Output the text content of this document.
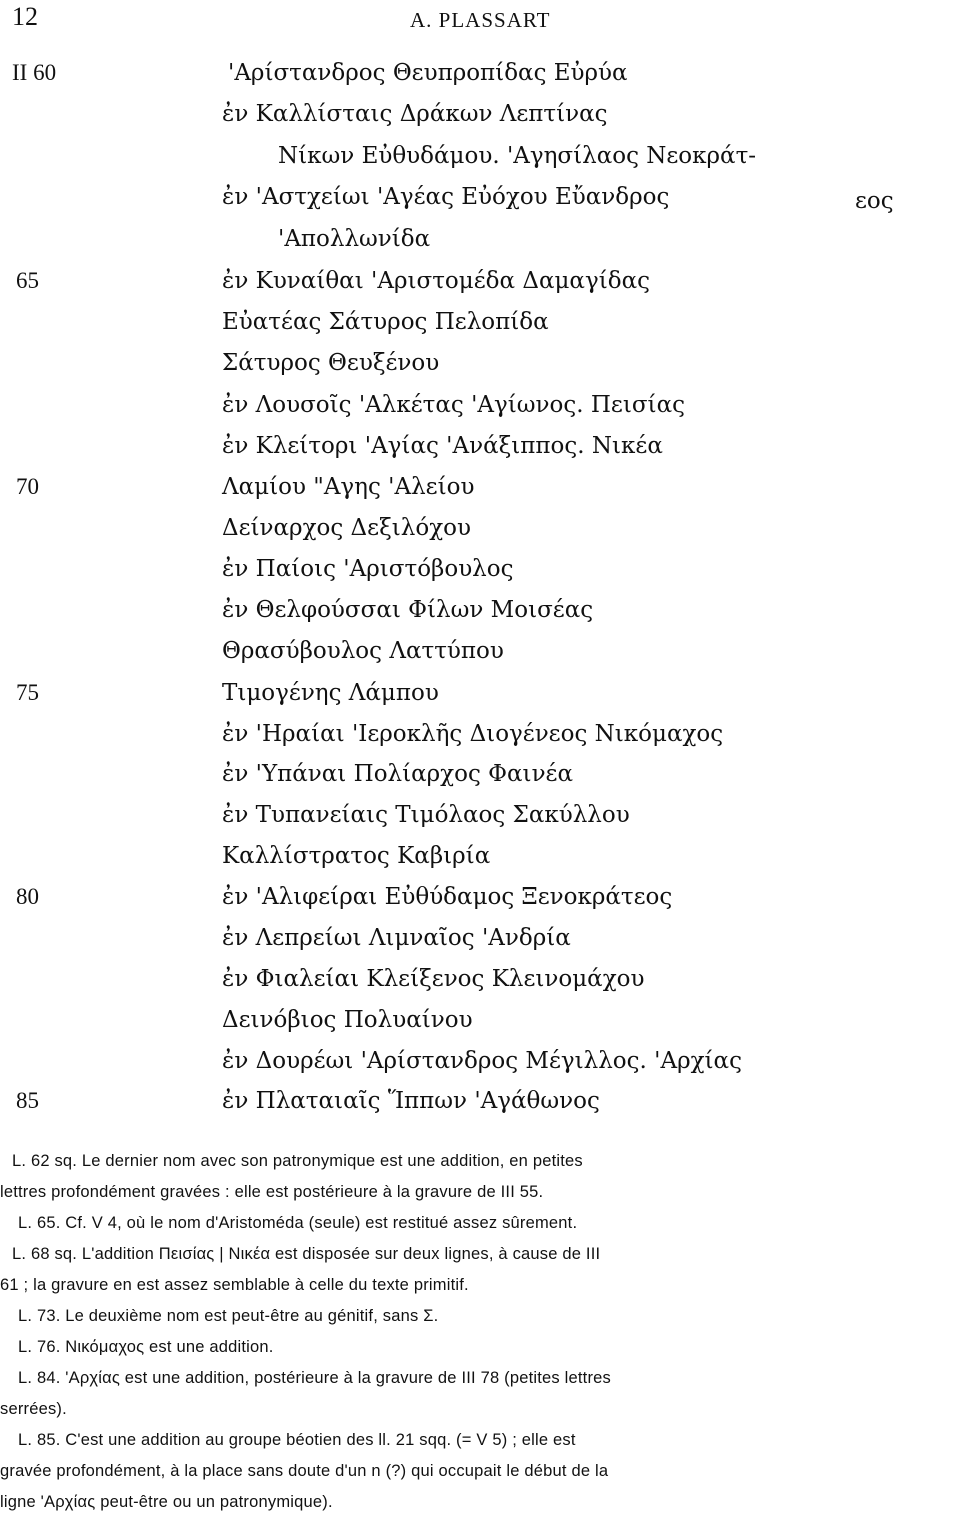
12	A. PLASSART
II 60
65
70
75
80
85
'Αρίστανδρος Θευπροπίδας Εὐρύα
ἐν Καλλίσταις Δράκων Λεπτίνας
Νίκων Εὐθυδάμου. 'Αγησίλαος Νεοκράτ-
ἐν 'Αστχείωι 'Αγέας Εὐόχου Εὔανδρος	εος
'Απολλωνίδα
ἐν Κυναίθαι 'Αριστομέδα Δαμαγίδας
Εὐατέας Σάτυρος Πελοπίδα
Σάτυρος Θευξένου
ἐν Λουσοῖς 'Αλκέτας 'Αγίωνος. Πεισίας
ἐν Κλείτορι 'Αγίας 'Ανάξιππος. Νικέα
Λαμίου "Αγης 'Αλείου
Δείναρχος Δεξιλόχου
ἐν Παίοις 'Αριστόβουλος
ἐν Θελφούσσαι Φίλων Μοισέας
Θρασύβουλος Λαττύπου
Τιμογένης Λάμπου
ἐν 'Ηραίαι 'Ιεροκλῆς Διογένεος Νικόμαχος
ἐν 'Υπάναι Πολίαρχος Φαινέα
ἐν Τυπανείαις Τιμόλαος Σακύλλου
Καλλίστρατος Καβιρία
ἐν 'Αλιφείραι Εὐθύδαμος Ξενοκράτεος
ἐν Λεπρείωι Λιμναῖος 'Ανδρία
ἐν Φιαλείαι Κλείξενος Κλεινομάχου
Δεινόβιος Πολυαίνου
ἐν Δουρέωι 'Αρίστανδρος Μέγιλλος. 'Αρχίας
ἐν Πλαταιαῖς Ἵππων 'Αγάθωνος
L. 62 sq. Le dernier nom avec son patronymique est une addition, en petites
lettres profondément gravées : elle est postérieure à la gravure de III 55.
L. 65. Cf. V 4, où le nom d'Aristoméda (seule) est restitué assez sûrement.
L. 68 sq. L'addition Πεισίας | Νικέα est disposée sur deux lignes, à cause de III
61 ; la gravure en est assez semblable à celle du texte primitif.
L. 73. Le deuxième nom est peut-être au génitif, sans Σ.
L. 76. Νικόμαχος est une addition.
L. 84. 'Αρχίας est une addition, postérieure à la gravure de III 78 (petites lettres
serrées).
L. 85. C'est une addition au groupe béotien des ll. 21 sqq. (= V 5) ; elle est
gravée profondément, à la place sans doute d'un n (?) qui occupait le début de la
ligne 'Αρχίας peut-être ou un patronymique).
